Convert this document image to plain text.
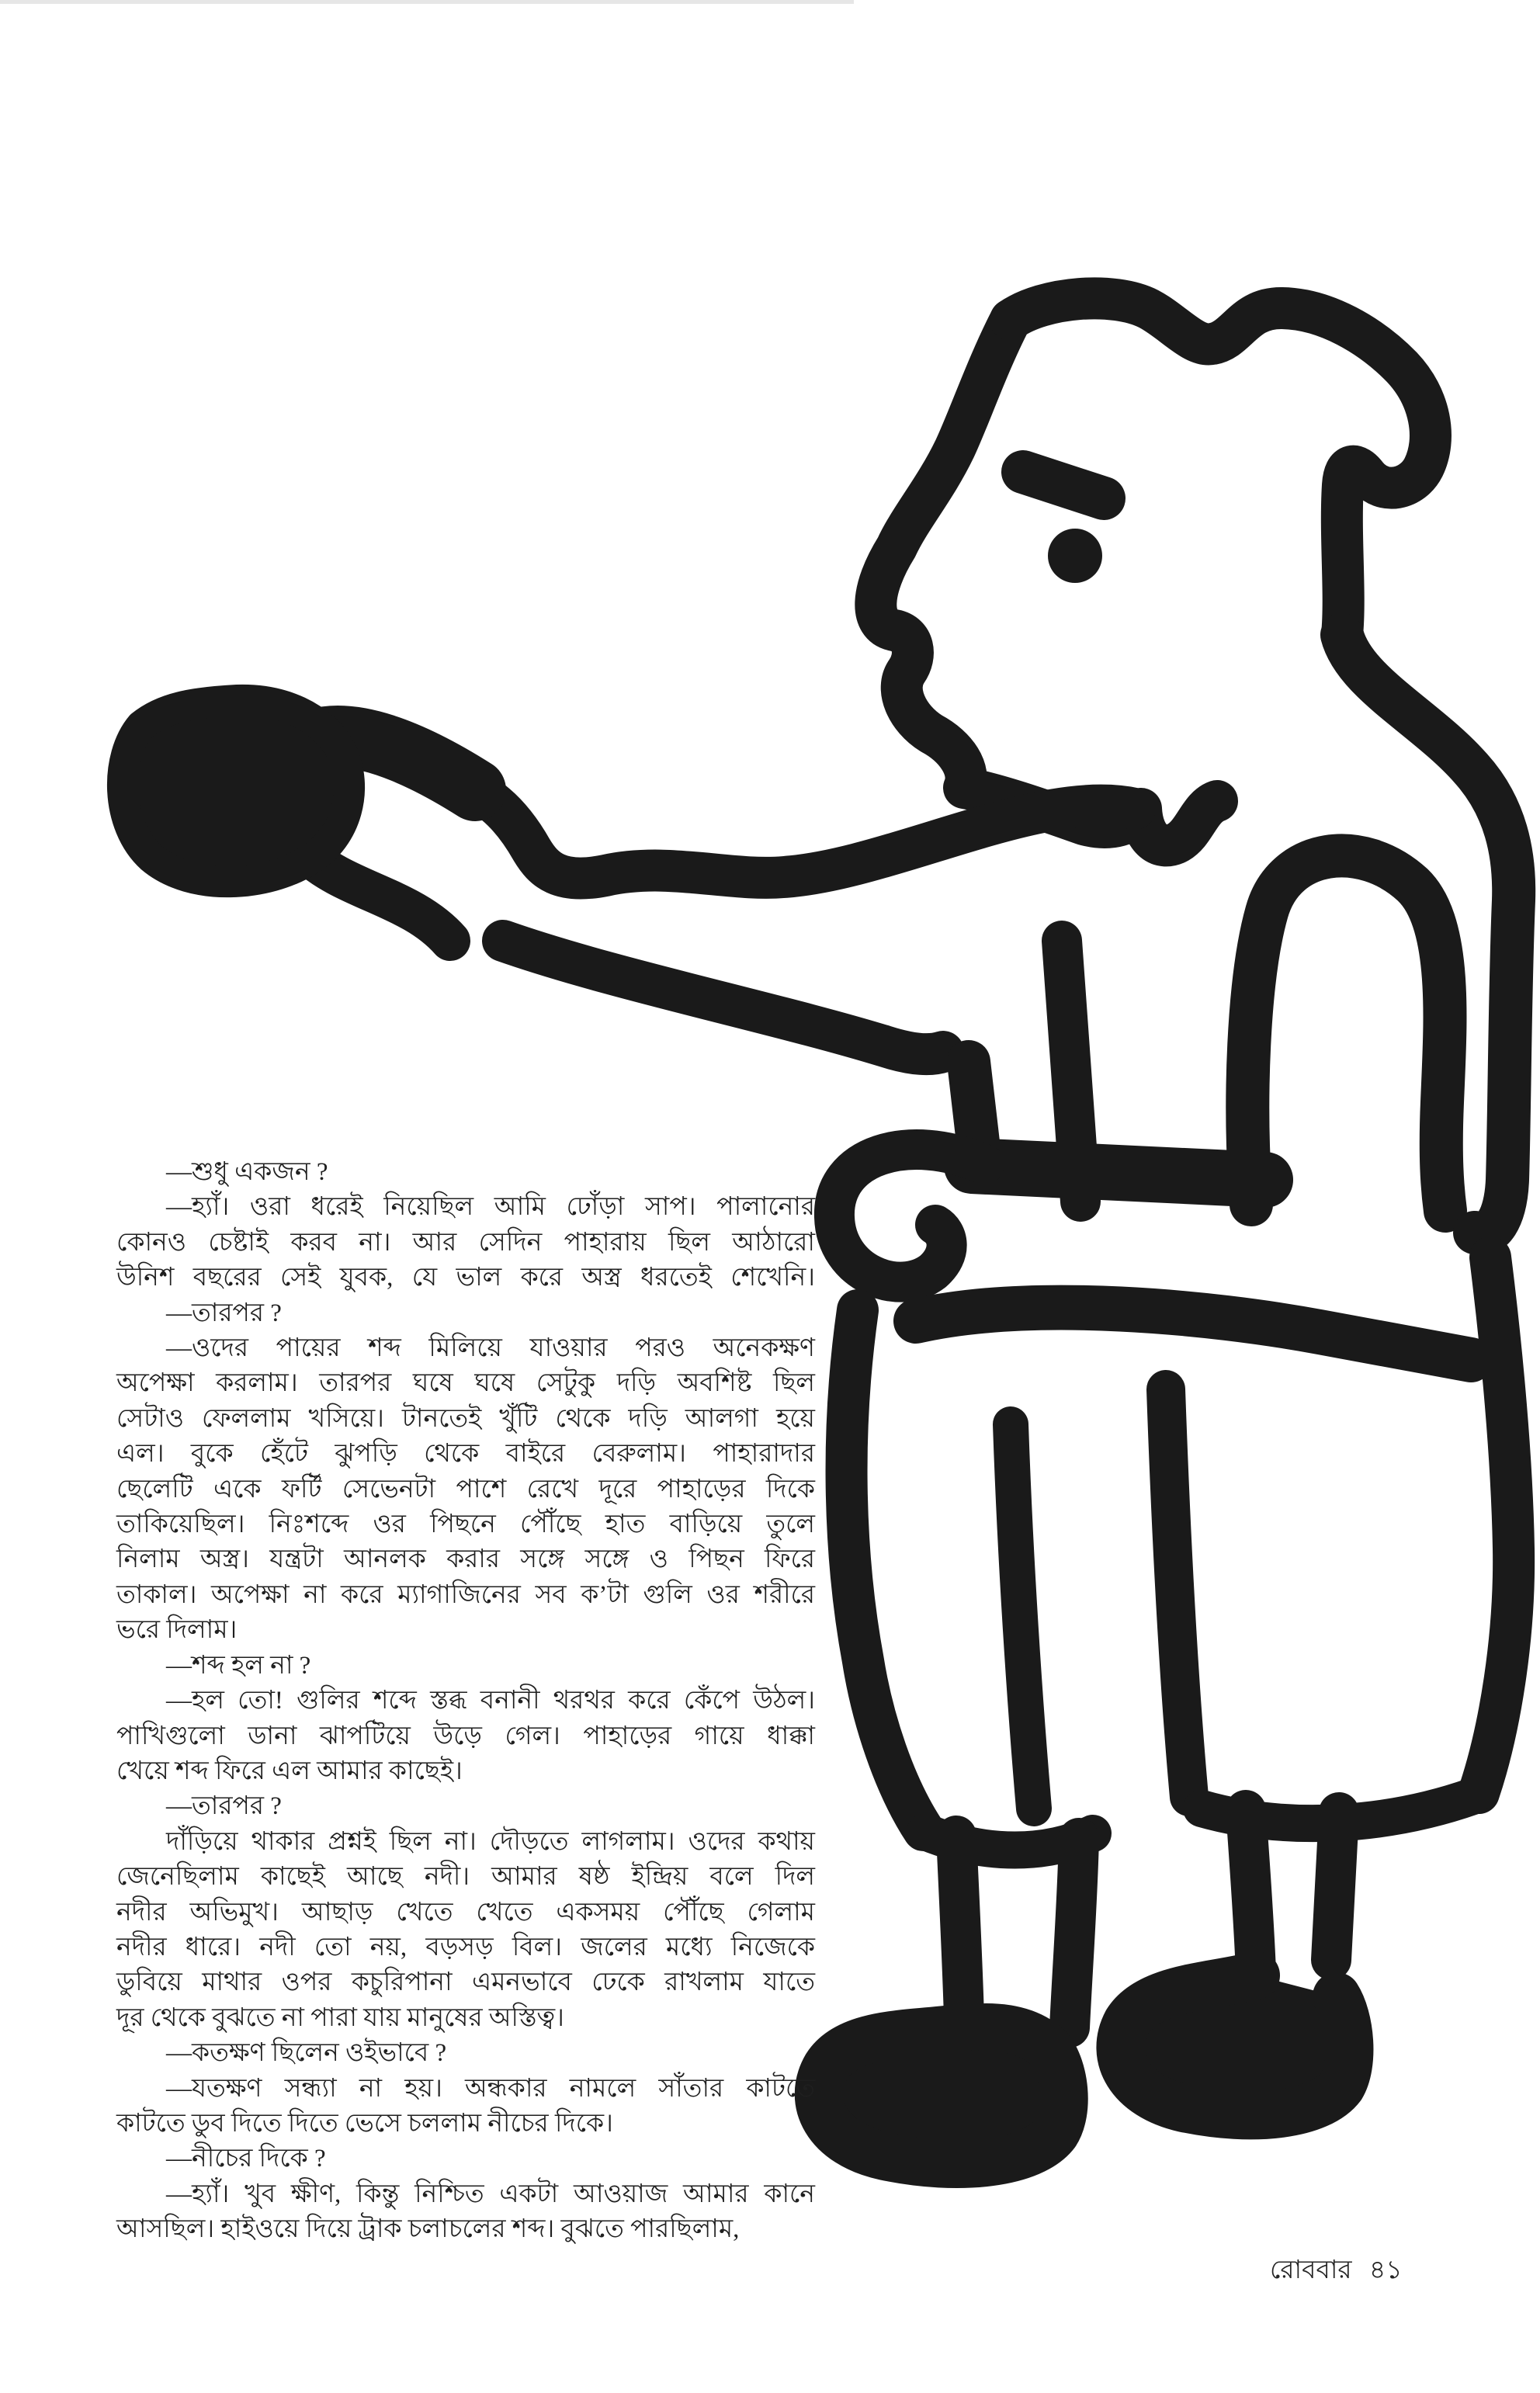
—শুধু একজন ?
—হ্যাঁ। ওরা ধরেই নিয়েছিল আমি ঢোঁড়া সাপ। পালানোর
কোনও চেষ্টাই করব না। আর সেদিন পাহারায় ছিল আঠারো
উনিশ বছরের সেই যুবক, যে ভাল করে অস্ত্র ধরতেই শেখেনি।
—তারপর ?
—ওদের পায়ের শব্দ মিলিয়ে যাওয়ার পরও অনেকক্ষণ
অপেক্ষা করলাম। তারপর ঘষে ঘষে সেটুকু দড়ি অবশিষ্ট ছিল
সেটাও ফেললাম খসিয়ে। টানতেই খুঁটি থেকে দড়ি আলগা হয়ে
এল। বুকে হেঁটে ঝুপড়ি থেকে বাইরে বেরুলাম। পাহারাদার
ছেলেটি একে ফর্টি সেভেনটা পাশে রেখে দূরে পাহাড়ের দিকে
তাকিয়েছিল। নিঃশব্দে ওর পিছনে পৌঁছে হাত বাড়িয়ে তুলে
নিলাম অস্ত্র। যন্ত্রটা আনলক করার সঙ্গে সঙ্গে ও পিছন ফিরে
তাকাল। অপেক্ষা না করে ম্যাগাজিনের সব ক’টা গুলি ওর শরীরে
ভরে দিলাম।
—শব্দ হল না ?
—হল তো! গুলির শব্দে স্তব্ধ বনানী থরথর করে কেঁপে উঠল।
পাখিগুলো ডানা ঝাপটিয়ে উড়ে গেল। পাহাড়ের গায়ে ধাক্কা
খেয়ে শব্দ ফিরে এল আমার কাছেই।
—তারপর ?
দাঁড়িয়ে থাকার প্রশ্নই ছিল না। দৌড়তে লাগলাম। ওদের কথায়
জেনেছিলাম কাছেই আছে নদী। আমার ষষ্ঠ ইন্দ্রিয় বলে দিল
নদীর অভিমুখ। আছাড় খেতে খেতে একসময় পৌঁছে গেলাম
নদীর ধারে। নদী তো নয়, বড়সড় বিল। জলের মধ্যে নিজেকে
ডুবিয়ে মাথার ওপর কচুরিপানা এমনভাবে ঢেকে রাখলাম যাতে
দূর থেকে বুঝতে না পারা যায় মানুষের অস্তিত্ব।
—কতক্ষণ ছিলেন ওইভাবে ?
—যতক্ষণ সন্ধ্যা না হয়। অন্ধকার নামলে সাঁতার কাটতে
কাটতে ডুব দিতে দিতে ভেসে চললাম নীচের দিকে।
—নীচের দিকে ?
—হ্যাঁ। খুব ক্ষীণ, কিন্তু নিশ্চিত একটা আওয়াজ আমার কানে
আসছিল। হাইওয়ে দিয়ে ট্রাক চলাচলের শব্দ। বুঝতে পারছিলাম,
রোববার ৪১
